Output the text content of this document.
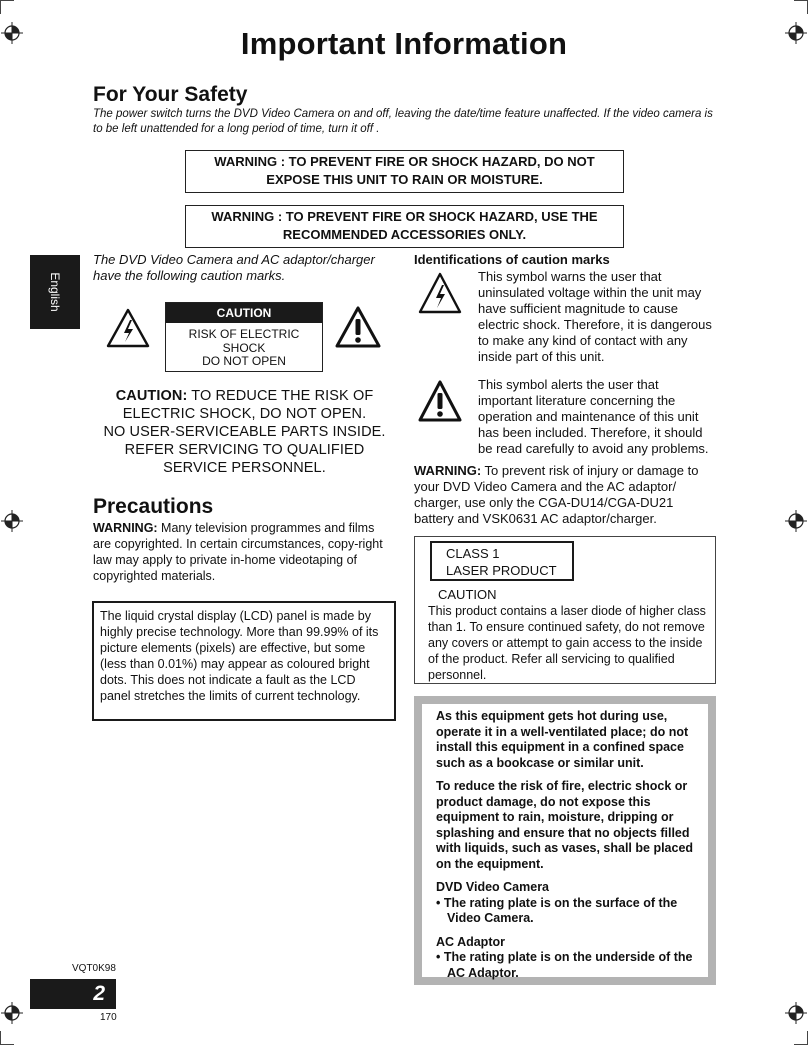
Important Information
For Your Safety
The power switch turns the DVD Video Camera on and off, leaving the date/time feature unaffected. If the video camera is to be left unattended for a long period of time, turn it off .
WARNING : TO PREVENT FIRE OR SHOCK HAZARD, DO NOT
EXPOSE THIS UNIT TO RAIN OR MOISTURE.
WARNING : TO PREVENT FIRE OR SHOCK HAZARD, USE THE
RECOMMENDED ACCESSORIES ONLY.
English
The DVD Video Camera and AC adaptor/charger have the following caution marks.
CAUTION
RISK OF ELECTRIC
SHOCK
DO NOT OPEN
CAUTION: TO REDUCE THE RISK OF
ELECTRIC SHOCK, DO NOT OPEN.
NO USER-SERVICEABLE PARTS INSIDE.
REFER SERVICING TO QUALIFIED
SERVICE PERSONNEL.
Precautions
WARNING: Many television programmes and films are copyrighted. In certain circumstances, copy-right law may apply to private in-home videotaping of copyrighted materials.
The liquid crystal display (LCD) panel is made by highly precise technology. More than 99.99% of its picture elements (pixels) are effective, but some (less than 0.01%) may appear as coloured bright dots. This does not indicate a fault as the LCD panel stretches the limits of current technology.
Identifications of caution marks
This symbol warns the user that uninsulated voltage within the unit may have sufficient magnitude to cause electric shock. Therefore, it is dangerous to make any kind of contact with any inside part of this unit.
This symbol alerts the user that important literature concerning the operation and maintenance of this unit has been included. Therefore, it should be read carefully to avoid any problems.
WARNING: To prevent risk of injury or damage to your DVD Video Camera and the AC adaptor/ charger, use only the CGA-DU14/CGA-DU21 battery and VSK0631 AC adaptor/charger.
CLASS 1
LASER PRODUCT
CAUTION
This product contains a laser diode of higher class than 1. To ensure continued safety, do not remove any covers or attempt to gain access to the inside of the product. Refer all servicing to qualified personnel.

As this equipment gets hot during use, operate it in a well-ventilated place; do not install this equipment in a confined space such as a bookcase or similar unit.

To reduce the risk of fire, electric shock or product damage, do not expose this equipment to rain, moisture, dripping or splashing and ensure that no objects filled with liquids, such as vases, shall be placed on the equipment.

DVD Video Camera

• The rating plate is on the surface of the Video Camera.

AC Adaptor

• The rating plate is on the underside of the AC Adaptor.

VQT0K98
2
170
